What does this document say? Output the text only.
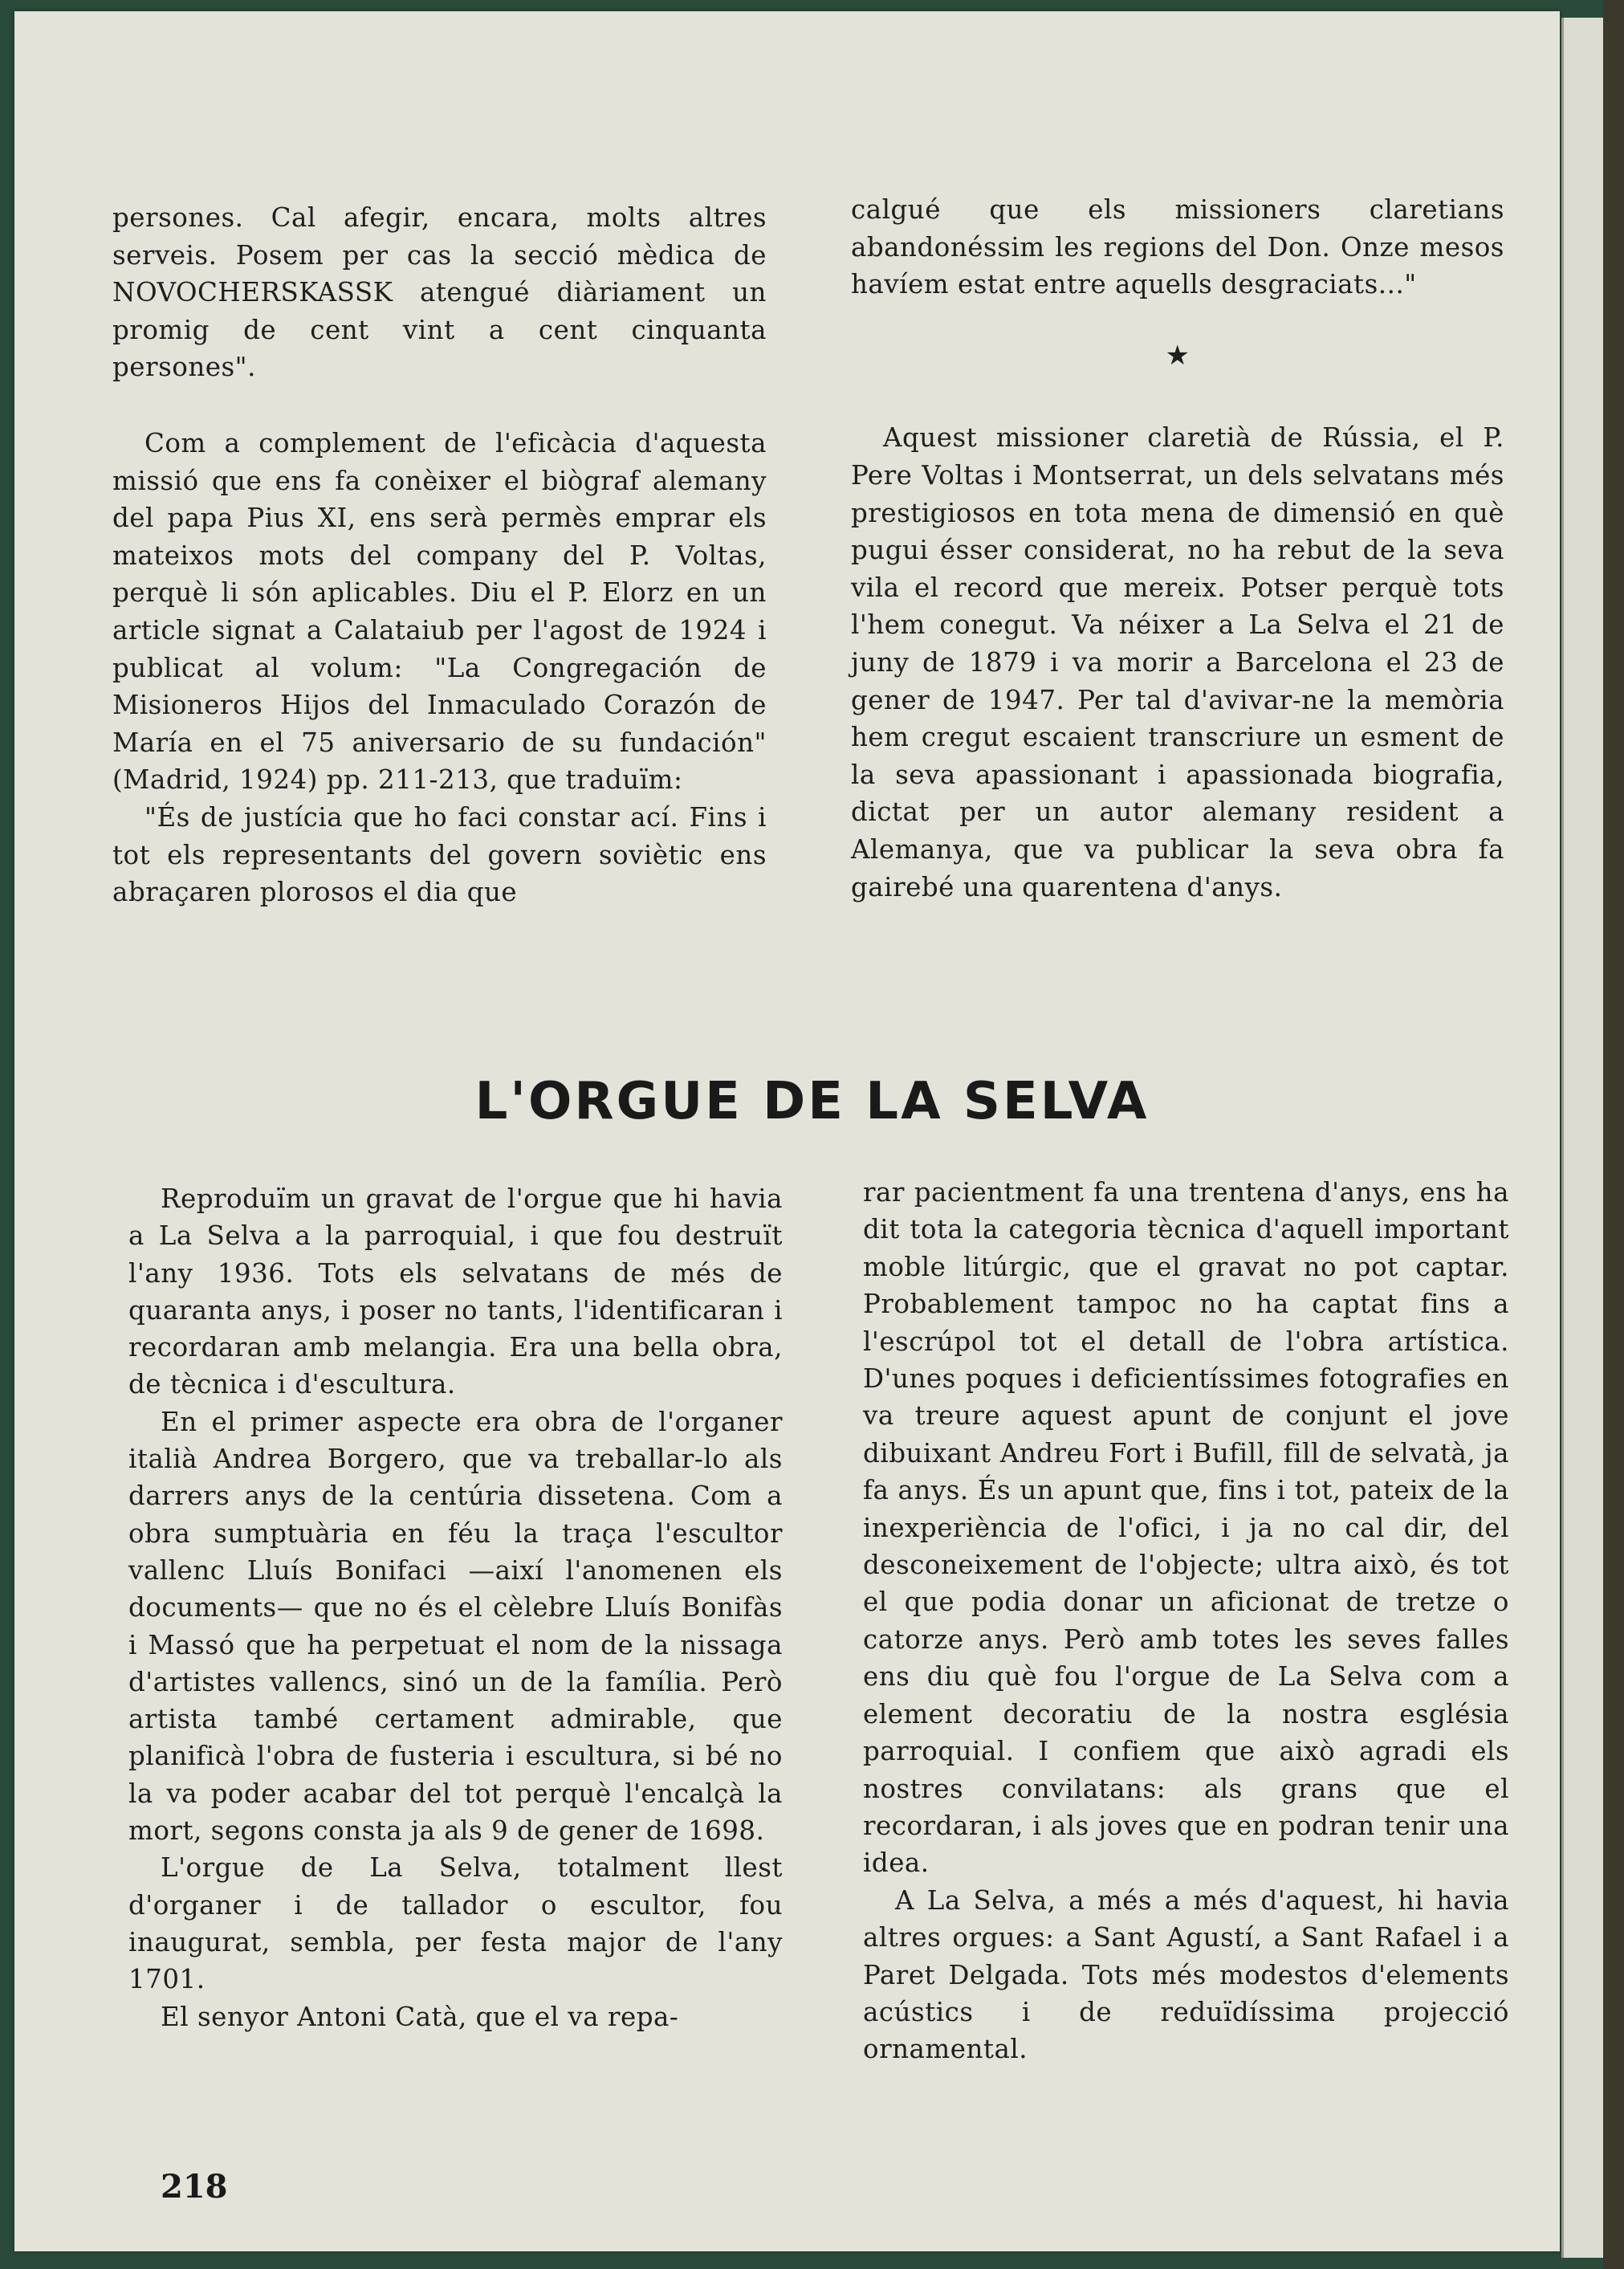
persones. Cal afegir, encara, molts altres serveis. Posem per cas la secció mèdica de NOVOCHERSKASSK atengué diàriament un promig de cent vint a cent cinquanta persones".

Com a complement de l'eficàcia d'aquesta missió que ens fa conèixer el biògraf alemany del papa Pius XI, ens serà permès emprar els mateixos mots del company del P. Voltas, perquè li són aplicables. Diu el P. Elorz en un article signat a Calataiub per l'agost de 1924 i publicat al volum: "La Congregación de Misioneros Hijos del Inmaculado Corazón de María en el 75 aniversario de su fundación" (Madrid, 1924) pp. 211-213, que traduïm:

"És de justícia que ho faci constar ací. Fins i tot els representants del govern soviètic ens abraçaren plorosos el dia que

calgué que els missioners claretians abandonéssim les regions del Don. Onze mesos havíem estat entre aquells desgraciats..."

★

Aquest missioner claretià de Rússia, el P. Pere Voltas i Montserrat, un dels selvatans més prestigiosos en tota mena de dimensió en què pugui ésser considerat, no ha rebut de la seva vila el record que mereix. Potser perquè tots l'hem conegut. Va néixer a La Selva el 21 de juny de 1879 i va morir a Barcelona el 23 de gener de 1947. Per tal d'avivar-ne la memòria hem cregut escaient transcriure un esment de la seva apassionant i apassionada biografia, dictat per un autor alemany resident a Alemanya, que va publicar la seva obra fa gairebé una quarentena d'anys.

L'ORGUE DE LA SELVA

Reproduïm un gravat de l'orgue que hi havia a La Selva a la parroquial, i que fou destruït l'any 1936. Tots els selvatans de més de quaranta anys, i poser no tants, l'identificaran i recordaran amb melangia. Era una bella obra, de tècnica i d'escultura.

En el primer aspecte era obra de l'organer italià Andrea Borgero, que va treballar-lo als darrers anys de la centúria dissetena. Com a obra sumptuària en féu la traça l'escultor vallenc Lluís Bonifaci —així l'anomenen els documents— que no és el cèlebre Lluís Bonifàs i Massó que ha perpetuat el nom de la nissaga d'artistes vallencs, sinó un de la família. Però artista també certament admirable, que planificà l'obra de fusteria i escultura, si bé no la va poder acabar del tot perquè l'encalçà la mort, segons consta ja als 9 de gener de 1698.

L'orgue de La Selva, totalment llest d'organer i de tallador o escultor, fou inaugurat, sembla, per festa major de l'any 1701.

El senyor Antoni Catà, que el va repa-

rar pacientment fa una trentena d'anys, ens ha dit tota la categoria tècnica d'aquell important moble litúrgic, que el gravat no pot captar. Probablement tampoc no ha captat fins a l'escrúpol tot el detall de l'obra artística. D'unes poques i deficientíssimes fotografies en va treure aquest apunt de conjunt el jove dibuixant Andreu Fort i Bufill, fill de selvatà, ja fa anys. És un apunt que, fins i tot, pateix de la inexperiència de l'ofici, i ja no cal dir, del desconeixement de l'objecte; ultra això, és tot el que podia donar un aficionat de tretze o catorze anys. Però amb totes les seves falles ens diu què fou l'orgue de La Selva com a element decoratiu de la nostra església parroquial. I confiem que això agradi els nostres convilatans: als grans que el recordaran, i als joves que en podran tenir una idea.

A La Selva, a més a més d'aquest, hi havia altres orgues: a Sant Agustí, a Sant Rafael i a Paret Delgada. Tots més modestos d'elements acústics i de reduïdíssima projecció ornamental.

218
